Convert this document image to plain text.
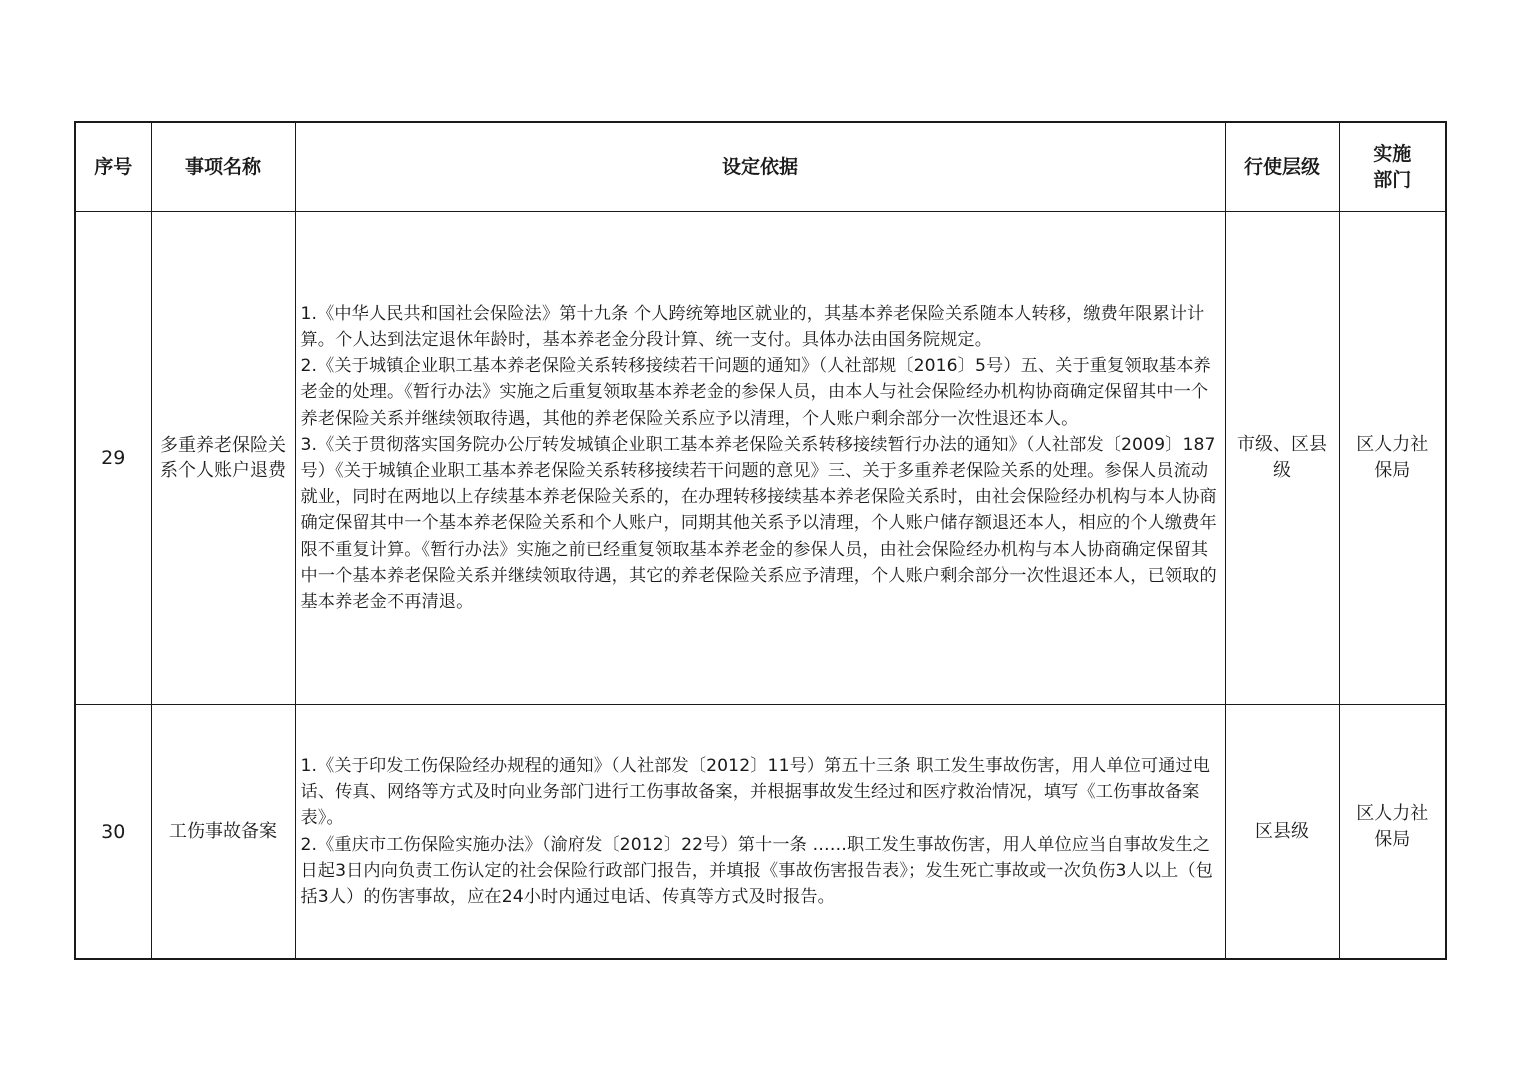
序号	事项名称	设定依据	行使层级	实施部门
29	多重养老保险关系个人账户退费	1.《中华人民共和国社会保险法》第十九条 个人跨统筹地区就业的，其基本养老保险关系随本人转移，缴费年限累计计算。个人达到法定退休年龄时，基本养老金分段计算、统一支付。具体办法由国务院规定。
2.《关于城镇企业职工基本养老保险关系转移接续若干问题的通知》（人社部规〔2016〕5号）五、关于重复领取基本养老金的处理。《暂行办法》实施之后重复领取基本养老金的参保人员，由本人与社会保险经办机构协商确定保留其中一个养老保险关系并继续领取待遇，其他的养老保险关系应予以清理，个人账户剩余部分一次性退还本人。
3.《关于贯彻落实国务院办公厅转发城镇企业职工基本养老保险关系转移接续暂行办法的通知》（人社部发〔2009〕187号）《关于城镇企业职工基本养老保险关系转移接续若干问题的意见》三、关于多重养老保险关系的处理。参保人员流动就业，同时在两地以上存续基本养老保险关系的，在办理转移接续基本养老保险关系时，由社会保险经办机构与本人协商确定保留其中一个基本养老保险关系和个人账户，同期其他关系予以清理，个人账户储存额退还本人，相应的个人缴费年限不重复计算。《暂行办法》实施之前已经重复领取基本养老金的参保人员，由社会保险经办机构与本人协商确定保留其中一个基本养老保险关系并继续领取待遇，其它的养老保险关系应予清理，个人账户剩余部分一次性退还本人，已领取的基本养老金不再清退。	市级、区县级	区人力社保局
30	工伤事故备案	1.《关于印发工伤保险经办规程的通知》（人社部发〔2012〕11号）第五十三条 职工发生事故伤害，用人单位可通过电话、传真、网络等方式及时向业务部门进行工伤事故备案，并根据事故发生经过和医疗救治情况，填写《工伤事故备案表》。
2.《重庆市工伤保险实施办法》（渝府发〔2012〕22号）第十一条 ……职工发生事故伤害，用人单位应当自事故发生之日起3日内向负责工伤认定的社会保险行政部门报告，并填报《事故伤害报告表》；发生死亡事故或一次负伤3人以上（包括3人）的伤害事故，应在24小时内通过电话、传真等方式及时报告。	区县级	区人力社保局
